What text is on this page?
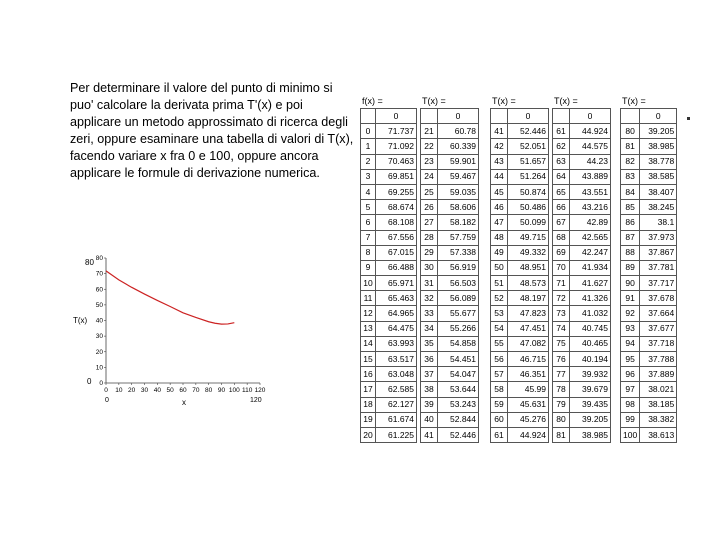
Per determinare il valore del punto di minimo si puo' calcolare la derivata prima T'(x) e poi applicare un metodo approssimato di ricerca degli zeri, oppure esaminare una tabella di valori di T(x), facendo variare x fra 0 e 100, oppure ancora applicare le formule di derivazione numerica.
0
10
20
30
40
50
60
70
80
0 10 20 30 40 50 60 70 80 90 100 110 120
T(x)
x
80
0
0	120
f(x) =
	0
0	71.737
1	71.092
2	70.463
3	69.851
4	69.255
5	68.674
6	68.108
7	67.556
8	67.015
9	66.488
10	65.971
11	65.463
12	64.965
13	64.475
14	63.993
15	63.517
16	63.048
17	62.585
18	62.127
19	61.674
20	61.225
T(x) =
	0
21	60.78
22	60.339
23	59.901
24	59.467
25	59.035
26	58.606
27	58.182
28	57.759
29	57.338
30	56.919
31	56.503
32	56.089
33	55.677
34	55.266
35	54.858
36	54.451
37	54.047
38	53.644
39	53.243
40	52.844
41	52.446
T(x) =
	0
41	52.446
42	52.051
43	51.657
44	51.264
45	50.874
46	50.486
47	50.099
48	49.715
49	49.332
50	48.951
51	48.573
52	48.197
53	47.823
54	47.451
55	47.082
56	46.715
57	46.351
58	45.99
59	45.631
60	45.276
61	44.924
T(x) =
	0
61	44.924
62	44.575
63	44.23
64	43.889
65	43.551
66	43.216
67	42.89
68	42.565
69	42.247
70	41.934
71	41.627
72	41.326
73	41.032
74	40.745
75	40.465
76	40.194
77	39.932
78	39.679
79	39.435
80	39.205
81	38.985
T(x) =
	0
80	39.205
81	38.985
82	38.778
83	38.585
84	38.407
85	38.245
86	38.1
87	37.973
88	37.867
89	37.781
90	37.717
91	37.678
92	37.664
93	37.677
94	37.718
95	37.788
96	37.889
97	38.021
98	38.185
99	38.382
100	38.613
